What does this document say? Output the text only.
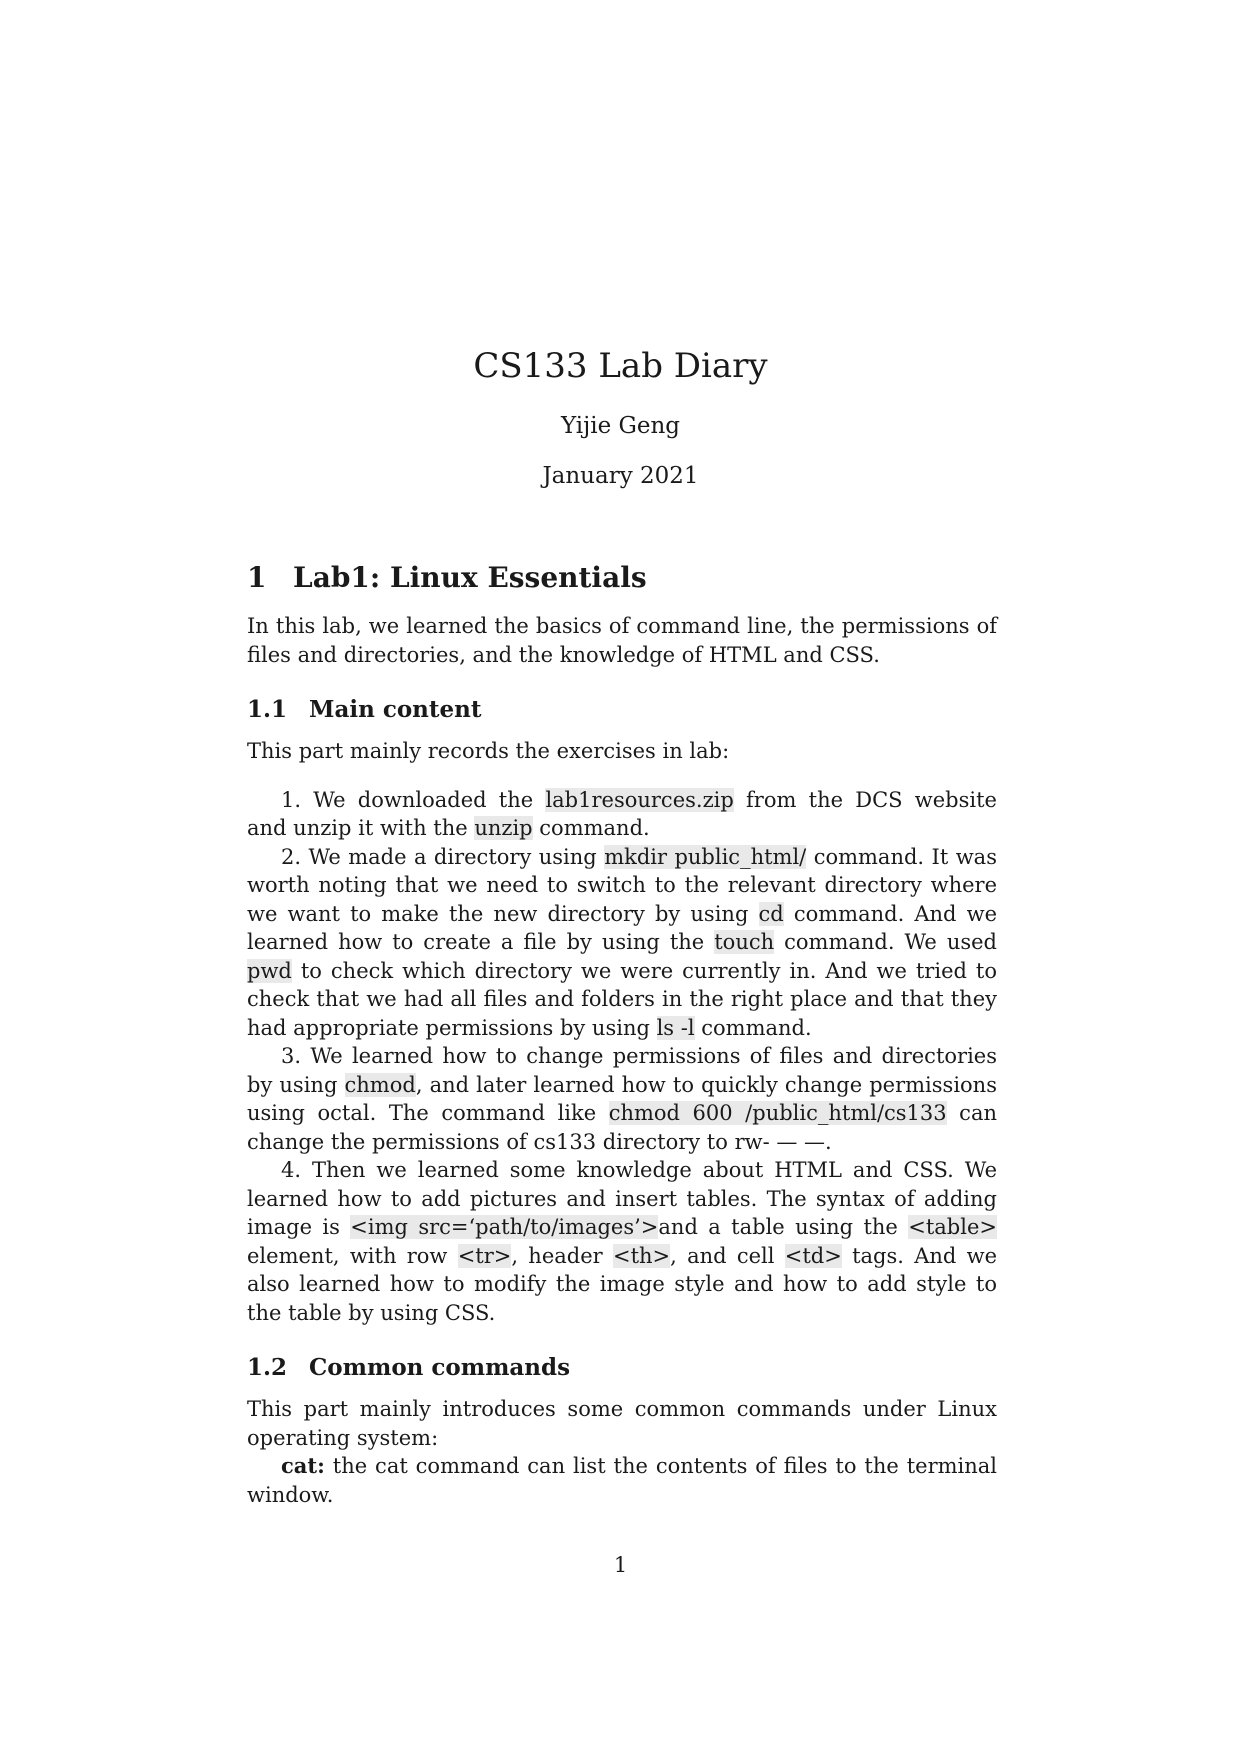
CS133 Lab Diary
Yijie Geng
January 2021
1 Lab1: Linux Essentials

In this lab, we learned the basics of command line, the permissions of files and directories, and the knowledge of HTML and CSS.

1.1 Main content

This part mainly records the exercises in lab:

1. We downloaded the lab1resources.zip from the DCS website and unzip it with the unzip command.

2. We made a directory using mkdir public_html/ command. It was worth noting that we need to switch to the relevant directory where we want to make the new directory by using cd command. And we learned how to create a file by using the touch command. We used pwd to check which directory we were currently in. And we tried to check that we had all files and folders in the right place and that they had appropriate permissions by using ls -l command.

3. We learned how to change permissions of files and directories by using chmod, and later learned how to quickly change permissions using octal. The command like chmod 600 /public_html/cs133 can change the permissions of cs133 directory to rw- — —.

4. Then we learned some knowledge about HTML and CSS. We learned how to add pictures and insert tables. The syntax of adding image is <img src=‘path/to/images’>and a table using the <table> element, with row <tr>, header <th>, and cell <td> tags. And we also learned how to modify the image style and how to add style to the table by using CSS.

1.2 Common commands

This part mainly introduces some common commands under Linux operating system:

cat: the cat command can list the contents of files to the terminal window.

1
